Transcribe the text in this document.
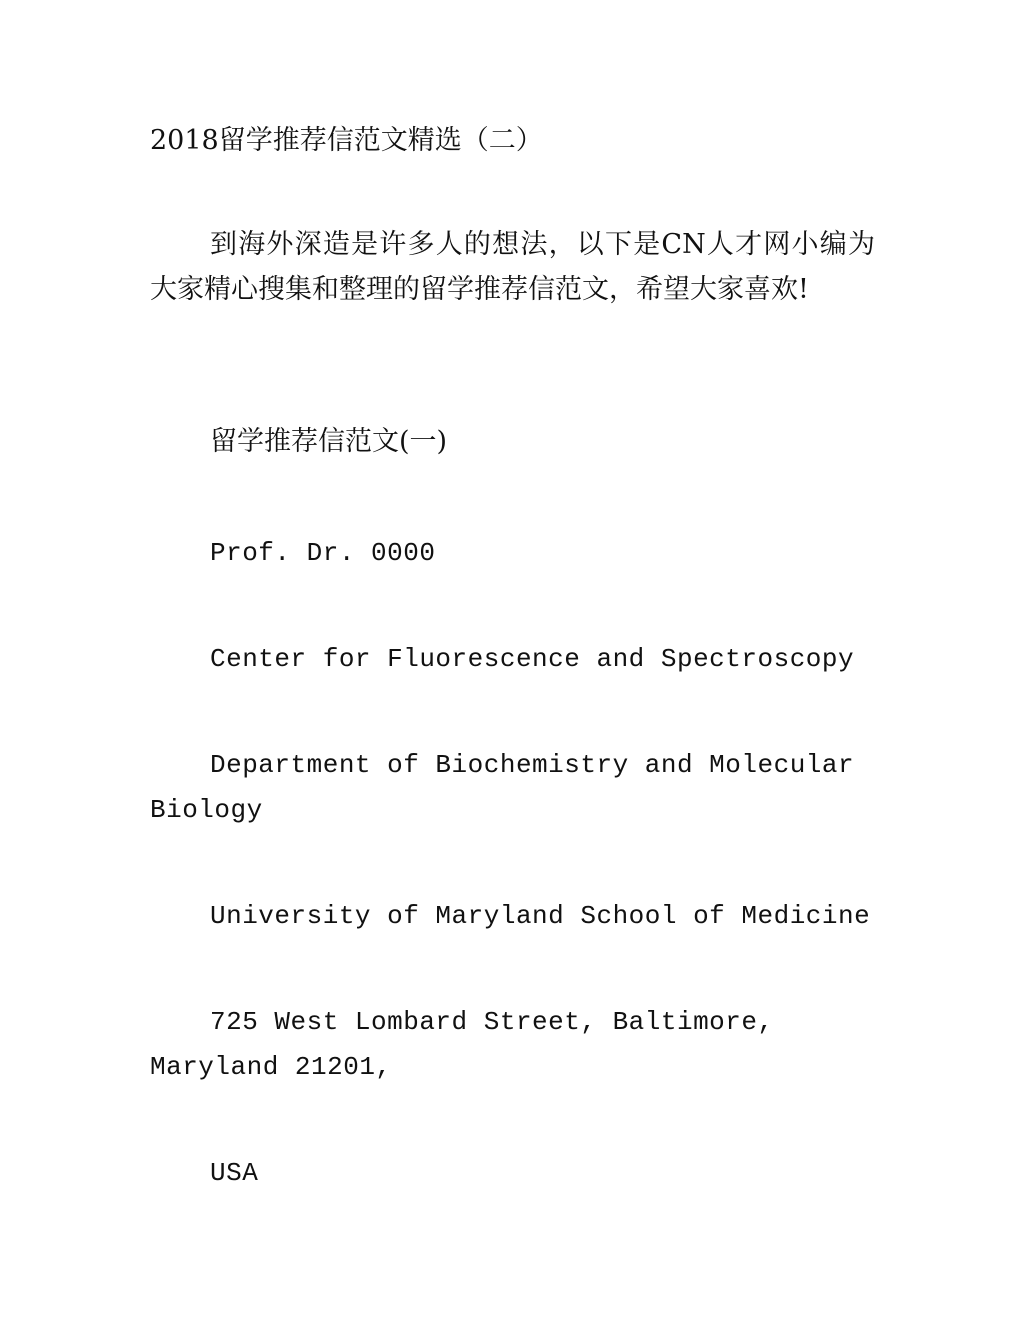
2018留学推荐信范文精选（二）
到海外深造是许多人的想法，以下是CN人才网小编为大家精心搜集和整理的留学推荐信范文，希望大家喜欢!
留学推荐信范文(一)
Prof. Dr. 0000
Center for Fluorescence and Spectroscopy
Department of Biochemistry and Molecular Biology
University of Maryland School of Medicine
725 West Lombard Street, Baltimore, Maryland 21201,
USA
